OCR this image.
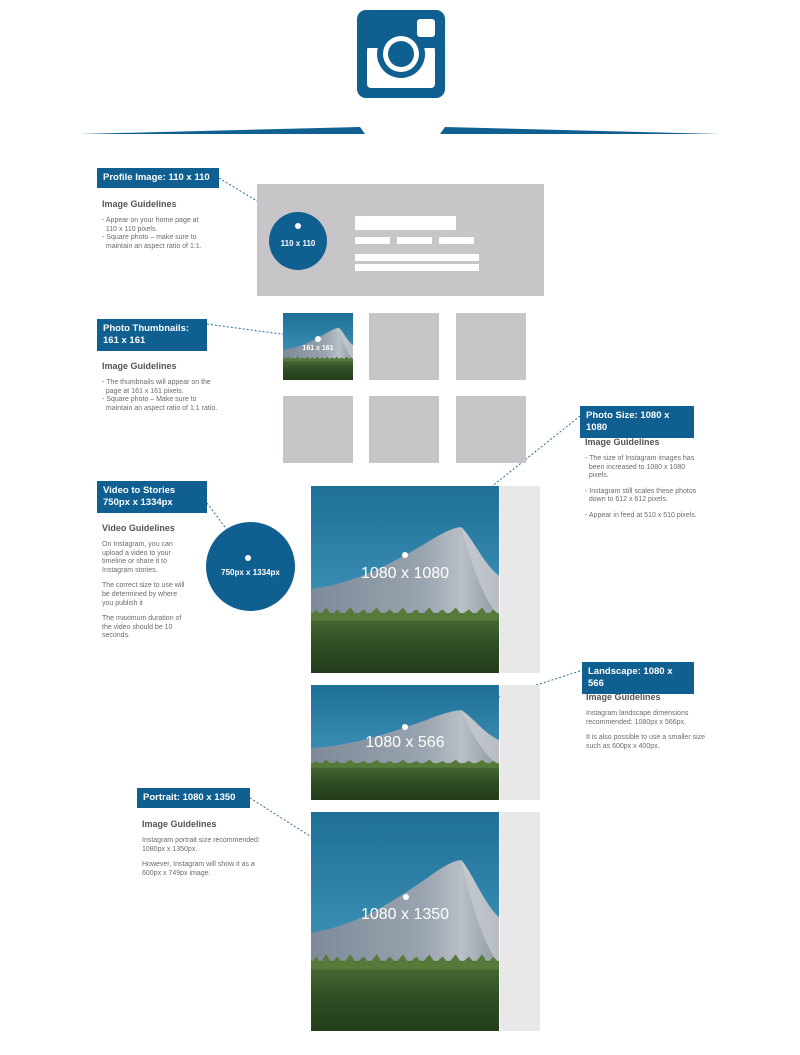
Profile Image: 110 x 110
Image Guidelines
- Appear on your home page at
110 x 110 pixels.
- Square photo – make sure to
maintain an aspect ratio of 1:1.	110 x 110
Photo Thumbnails:
161 x 161
Image Guidelines
- The thumbnails will appear on the
page at 161 x 161 pixels.
- Square photo – Make sure to
maintain an aspect ratio of 1:1 ratio.
161 x 161
Photo Size: 1080 x 1080
Image Guidelines
- The size of Instagram images has
been increased to 1080 x 1080
pixels.
- Instagram still scales these photos
down to 612 x 612 pixels.
- Appear in feed at 510 x 510 pixels.
1080 x 1080
Video to Stories
750px x 1334px
Video Guidelines

On Instagram, you can
upload a video to your
timeline or share it to
Instagram stories.

The correct size to use will
be determined by where
you publish it

The maximum duration of
the video should be 10
seconds.

750px x 1334px
Landscape: 1080 x 566
Image Guidelines

Instagram landscape dimensions
recommended: 1080px x 566px.

It is also possible to use a smaller size
such as 600px x 400px.

1080 x 566
Portrait: 1080 x 1350
Image Guidelines

Instagram portrait size recommended:
1080px x 1350px.

However, Instagram will show it as a
600px x 749px image.

1080 x 1350
